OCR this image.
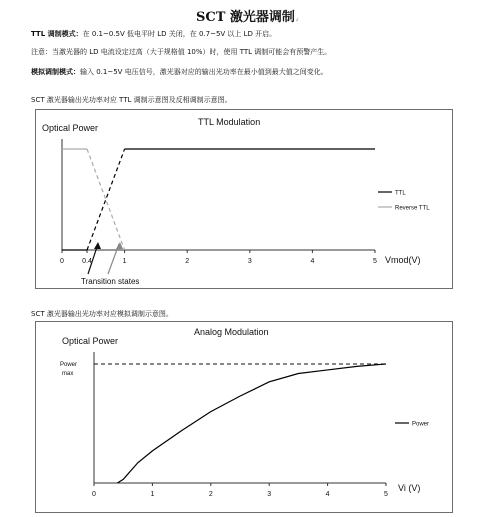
SCT 激光器调制↲
TTL 调制模式：在 0.1~0.5V 低电平时 LD 关闭，在 0.7~5V 以上 LD 开启。
注意：当激光器的 LD 电流设定过高（大于规格值 10%）时，使用 TTL 调制可能会有预警产生。
模拟调制模式：输入 0.1~5V 电压信号，激光器对应的输出光功率在最小值到最大值之间变化。
SCT 激光器输出光功率对应 TTL 调制示意图及反相调制示意图。
Optical Power
TTL Modulation
0	0.4	1	2	3	4	5 Vmod(V)
TTL
Reverse TTL
Transition states
SCT 激光器输出光功率对应模拟调制示意图。
Optical Power
Analog Modulation
Power
max
0	1	2	3	4	5
Vi (V)
Power
